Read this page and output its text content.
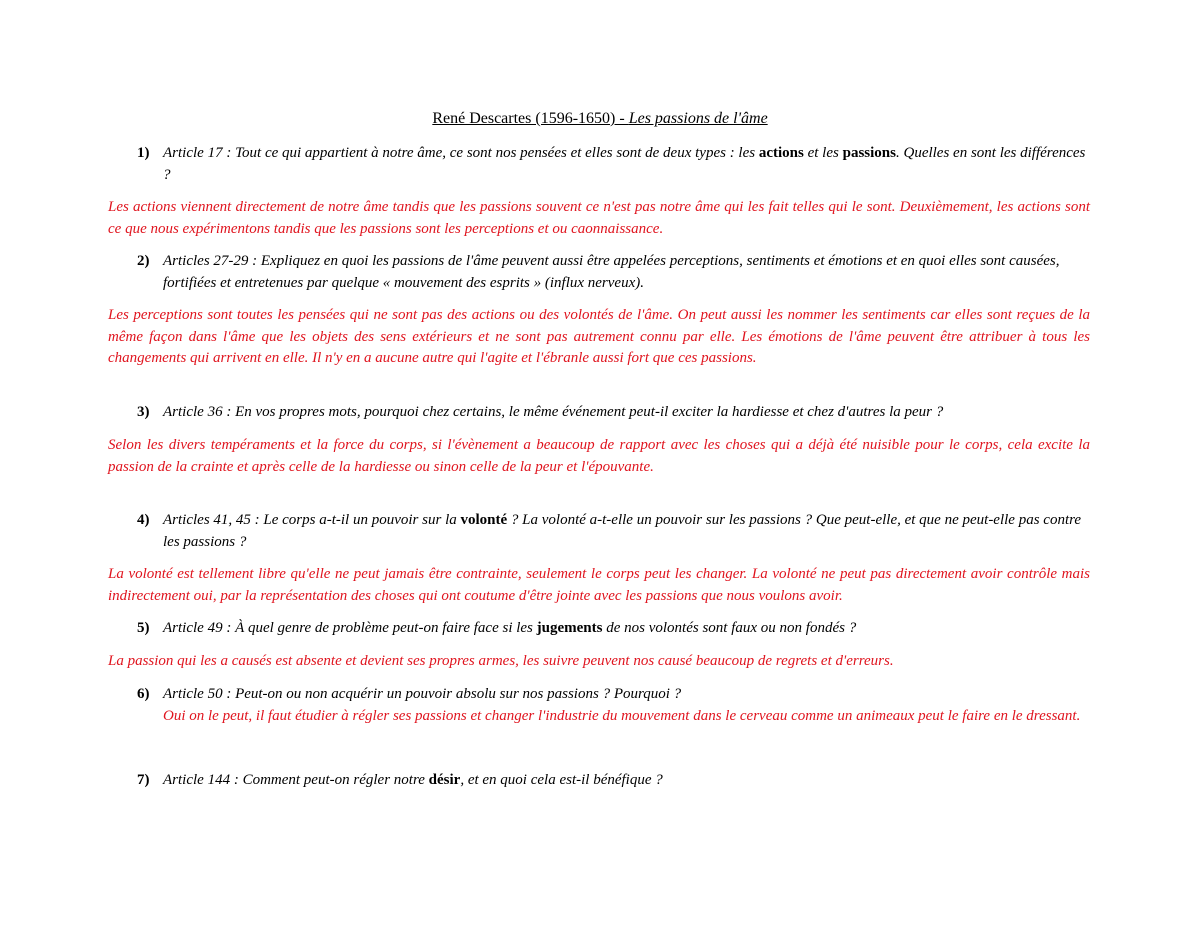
René Descartes (1596-1650) - Les passions de l'âme
1) Article 17 : Tout ce qui appartient à notre âme, ce sont nos pensées et elles sont de deux types : les actions et les passions. Quelles en sont les différences ?
Les actions viennent directement de notre âme tandis que les passions souvent ce n'est pas notre âme qui les fait telles qui le sont. Deuxièmement, les actions sont ce que nous expérimentons tandis que les passions sont les perceptions et ou caonnaissance.
2) Articles 27-29 : Expliquez en quoi les passions de l'âme peuvent aussi être appelées perceptions, sentiments et émotions et en quoi elles sont causées, fortifiées et entretenues par quelque « mouvement des esprits » (influx nerveux).
Les perceptions sont toutes les pensées qui ne sont pas des actions ou des volontés de l'âme. On peut aussi les nommer les sentiments car elles sont reçues de la même façon dans l'âme que les objets des sens extérieurs et ne sont pas autrement connu par elle. Les émotions de l'âme peuvent être attribuer à tous les changements qui arrivent en elle. Il n'y en a aucune autre qui l'agite et l'ébranle aussi fort que ces passions.
3) Article 36 : En vos propres mots, pourquoi chez certains, le même événement peut-il exciter la hardiesse et chez d'autres la peur ?
Selon les divers tempéraments et la force du corps, si l'évènement a beaucoup de rapport avec les choses qui a déjà été nuisible pour le corps, cela excite la passion de la crainte et après celle de la hardiesse ou sinon celle de la peur et l'épouvante.
4) Articles 41, 45 : Le corps a-t-il un pouvoir sur la volonté ? La volonté a-t-elle un pouvoir sur les passions ? Que peut-elle, et que ne peut-elle pas contre les passions ?
La volonté est tellement libre qu'elle ne peut jamais être contrainte, seulement le corps peut les changer. La volonté ne peut pas directement avoir contrôle mais indirectement oui, par la représentation des choses qui ont coutume d'être jointe avec les passions que nous voulons avoir.
5) Article 49 : À quel genre de problème peut-on faire face si les jugements de nos volontés sont faux ou non fondés ?
La passion qui les a causés est absente et devient ses propres armes, les suivre peuvent nos causé beaucoup de regrets et d'erreurs.
6) Article 50 : Peut-on ou non acquérir un pouvoir absolu sur nos passions ? Pourquoi ?
Oui on le peut, il faut étudier à régler ses passions et changer l'industrie du mouvement dans le cerveau comme un animeaux peut le faire en le dressant.
7) Article 144 : Comment peut-on régler notre désir, et en quoi cela est-il bénéfique ?
